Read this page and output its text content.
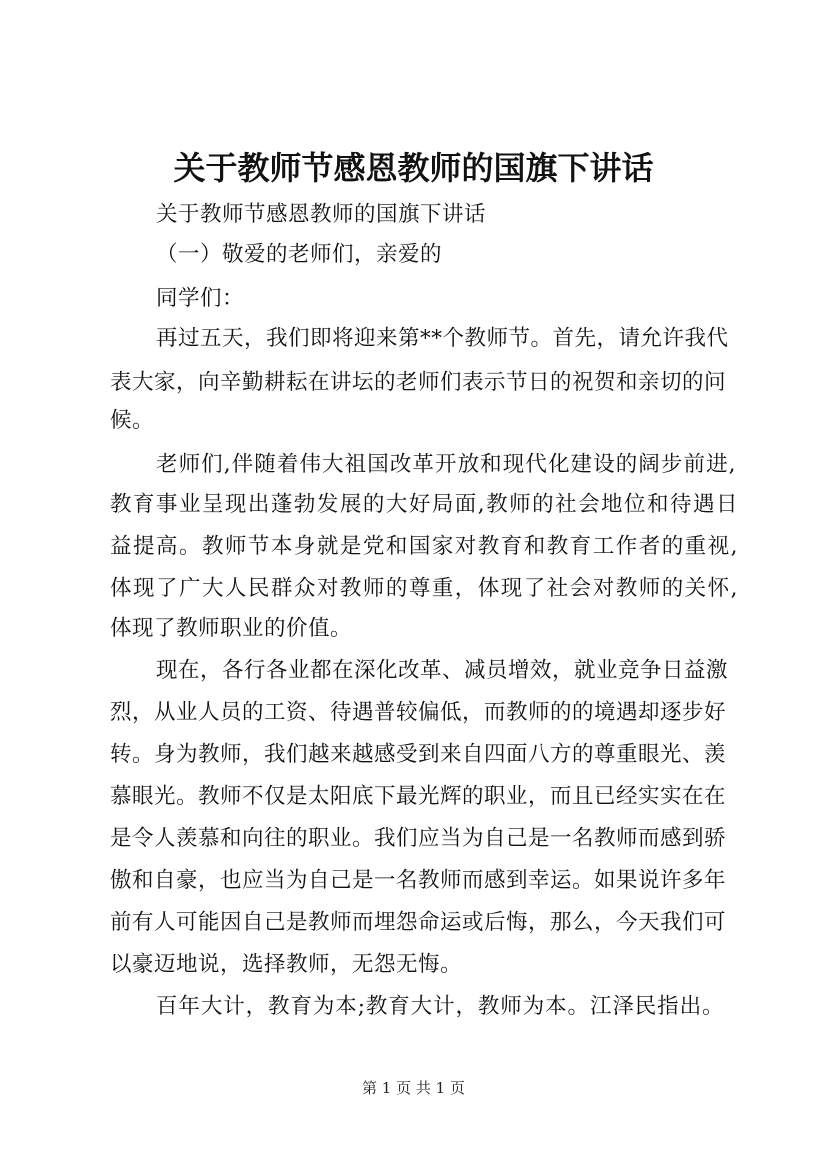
关于教师节感恩教师的国旗下讲话
关于教师节感恩教师的国旗下讲话
（一）敬爱的老师们，亲爱的
同学们：
再过五天，我们即将迎来第**个教师节。首先，请允许我代
表大家，向辛勤耕耘在讲坛的老师们表示节日的祝贺和亲切的问
候。
老师们,伴随着伟大祖国改革开放和现代化建设的阔步前进,
教育事业呈现出蓬勃发展的大好局面,教师的社会地位和待遇日
益提高。教师节本身就是党和国家对教育和教育工作者的重视,
体现了广大人民群众对教师的尊重，体现了社会对教师的关怀,
体现了教师职业的价值。
现在，各行各业都在深化改革、减员增效，就业竞争日益激
烈，从业人员的工资、待遇普较偏低，而教师的的境遇却逐步好
转。身为教师，我们越来越感受到来自四面八方的尊重眼光、羡
慕眼光。教师不仅是太阳底下最光辉的职业，而且已经实实在在
是令人羡慕和向往的职业。我们应当为自己是一名教师而感到骄
傲和自豪，也应当为自己是一名教师而感到幸运。如果说许多年
前有人可能因自己是教师而埋怨命运或后悔，那么，今天我们可
以豪迈地说，选择教师，无怨无悔。
百年大计，教育为本;教育大计，教师为本。江泽民指出。
第 1 页 共 1 页
